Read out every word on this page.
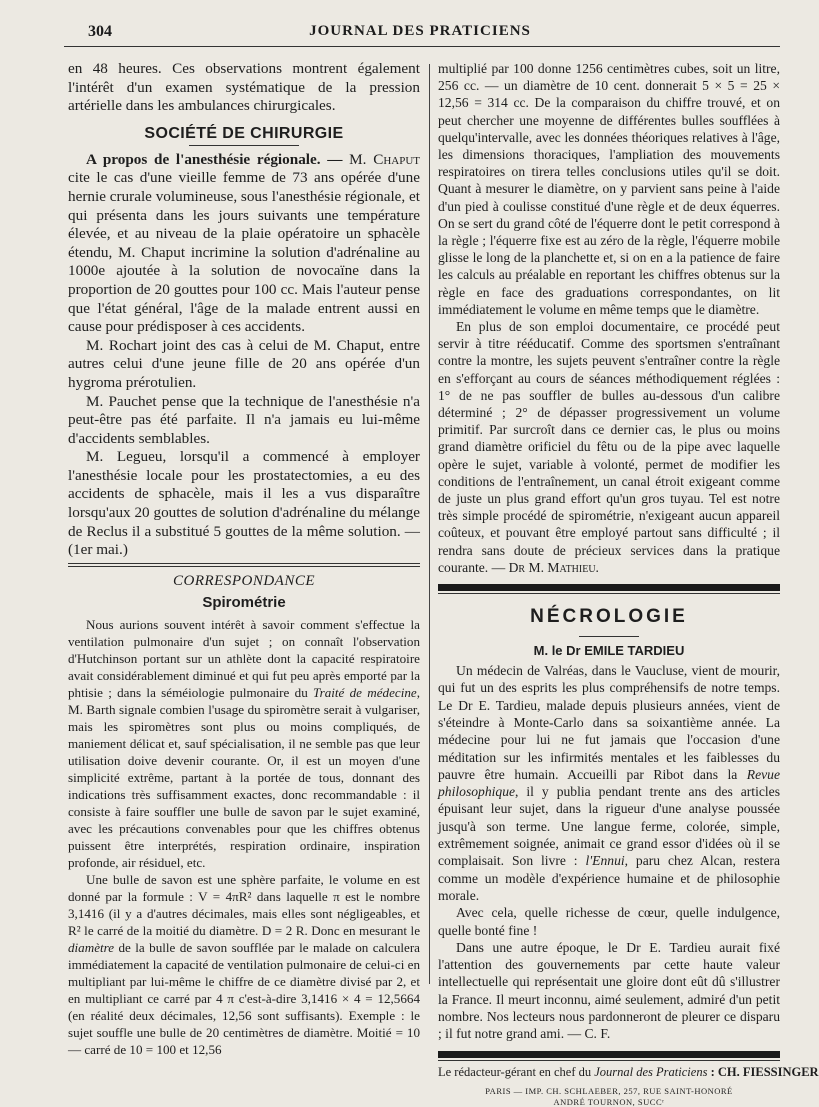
304	JOURNAL DES PRATICIENS

en 48 heures. Ces observations montrent également l'intérêt d'un examen systématique de la pression artérielle dans les ambulances chirurgicales.

SOCIÉTÉ DE CHIRURGIE

A propos de l'anesthésie régionale. — M. Chaput cite le cas d'une vieille femme de 73 ans opérée d'une hernie crurale volumineuse, sous l'anesthésie régionale, et qui présenta dans les jours suivants une température élevée, et au niveau de la plaie opératoire un sphacèle étendu, M. Chaput incrimine la solution d'adrénaline au 1000e ajoutée à la solution de novocaïne dans la proportion de 20 gouttes pour 100 cc. Mais l'auteur pense que l'état général, l'âge de la malade entrent aussi en cause pour prédisposer à ces accidents.

M. Rochart joint des cas à celui de M. Chaput, entre autres celui d'une jeune fille de 20 ans opérée d'un hygroma prérotulien.

M. Pauchet pense que la technique de l'anesthésie n'a peut-être pas été parfaite. Il n'a jamais eu lui-même d'accidents semblables.

M. Legueu, lorsqu'il a commencé à employer l'anesthésie locale pour les prostatectomies, a eu des accidents de sphacèle, mais il les a vus disparaître lorsqu'aux 20 gouttes de solution d'adrénaline du mélange de Reclus il a substitué 5 gouttes de la même solution. — (1er mai.)

CORRESPONDANCE
Spirométrie

Nous aurions souvent intérêt à savoir comment s'effectue la ventilation pulmonaire d'un sujet ; on connaît l'observation d'Hutchinson portant sur un athlète dont la capacité respiratoire avait considérablement diminué et qui fut peu après emporté par la phtisie ; dans la séméiologie pulmonaire du Traité de médecine, M. Barth signale combien l'usage du spiromètre serait à vulgariser, mais les spiromètres sont plus ou moins compliqués, de maniement délicat et, sauf spécialisation, il ne semble pas que leur utilisation doive devenir courante. Or, il est un moyen d'une simplicité extrême, partant à la portée de tous, donnant des indications très suffisamment exactes, donc recommandable : il consiste à faire souffler une bulle de savon par le sujet examiné, avec les précautions convenables pour que les chiffres obtenus puissent être interprétés, respiration ordinaire, inspiration profonde, air résiduel, etc.

Une bulle de savon est une sphère parfaite, le volume en est donné par la formule : V = 4πR² dans laquelle π est le nombre 3,1416 (il y a d'autres décimales, mais elles sont négligeables, et R² le carré de la moitié du diamètre. D = 2 R. Donc en mesurant le diamètre de la bulle de savon soufflée par le malade on calculera immédiatement la capacité de ventilation pulmonaire de celui-ci en multipliant par lui-même le chiffre de ce diamètre divisé par 2, et en multipliant ce carré par 4 π c'est-à-dire 3,1416 × 4 = 12,5664 (en réalité deux décimales, 12,56 sont suffisants). Exemple : le sujet souffle une bulle de 20 centimètres de diamètre. Moitié = 10 — carré de 10 = 100 et 12,56

multiplié par 100 donne 1256 centimètres cubes, soit un litre, 256 cc. — un diamètre de 10 cent. donnerait 5 × 5 = 25 × 12,56 = 314 cc. De la comparaison du chiffre trouvé, et on peut chercher une moyenne de différentes bulles soufflées à quelqu'intervalle, avec les données théoriques relatives à l'âge, les dimensions thoraciques, l'ampliation des mouvements respiratoires on tirera telles conclusions utiles qu'il se doit. Quant à mesurer le diamètre, on y parvient sans peine à l'aide d'un pied à coulisse constitué d'une règle et de deux équerres. On se sert du grand côté de l'équerre dont le petit correspond à la règle ; l'équerre fixe est au zéro de la règle, l'équerre mobile glisse le long de la planchette et, si on en a la patience de faire les calculs au préalable en reportant les chiffres obtenus sur la règle en face des graduations correspondantes, on lit immédiatement le volume en même temps que le diamètre.

En plus de son emploi documentaire, ce procédé peut servir à titre rééducatif. Comme des sportsmen s'entraînant contre la montre, les sujets peuvent s'entraîner contre la règle en s'efforçant au cours de séances méthodiquement réglées : 1° de ne pas souffler de bulles au-dessous d'un calibre déterminé ; 2° de dépasser progressivement un volume primitif. Par surcroît dans ce dernier cas, le plus ou moins grand diamètre orificiel du fêtu ou de la pipe avec laquelle opère le sujet, variable à volonté, permet de modifier les conditions de l'entraînement, un canal étroit exigeant comme de juste un plus grand effort qu'un gros tuyau. Tel est notre très simple procédé de spirométrie, n'exigeant aucun appareil coûteux, et pouvant être employé partout sans difficulté ; il rendra sans doute de précieux services dans la pratique courante. — Dr M. Mathieu.

NÉCROLOGIE
M. le Dr EMILE TARDIEU

Un médecin de Valréas, dans le Vaucluse, vient de mourir, qui fut un des esprits les plus compréhensifs de notre temps. Le Dr E. Tardieu, malade depuis plusieurs années, vient de s'éteindre à Monte-Carlo dans sa soixantième année. La médecine pour lui ne fut jamais que l'occasion d'une méditation sur les infirmités mentales et les faiblesses du pauvre être humain. Accueilli par Ribot dans la Revue philosophique, il y publia pendant trente ans des articles épuisant leur sujet, dans la rigueur d'une analyse poussée jusqu'à son terme. Une langue ferme, colorée, simple, extrêmement soignée, animait ce grand essor d'idées où il se complaisait. Son livre : l'Ennui, paru chez Alcan, restera comme un modèle d'expérience humaine et de philosophie morale.

Avec cela, quelle richesse de cœur, quelle indulgence, quelle bonté fine !

Dans une autre époque, le Dr E. Tardieu aurait fixé l'attention des gouvernements par cette haute valeur intellectuelle qui représentait une gloire dont eût dû s'illustrer la France. Il meurt inconnu, aimé seulement, admiré d'un petit nombre. Nos lecteurs nous pardonneront de pleurer ce disparu ; il fut notre grand ami. — C. F.

Le rédacteur-gérant en chef du Journal des Praticiens : CH. FIESSINGER

PARIS — IMP. CH. SCHLAEBER, 257, RUE SAINT-HONORÉ
ANDRÉ TOURNON, SUCCʳ
